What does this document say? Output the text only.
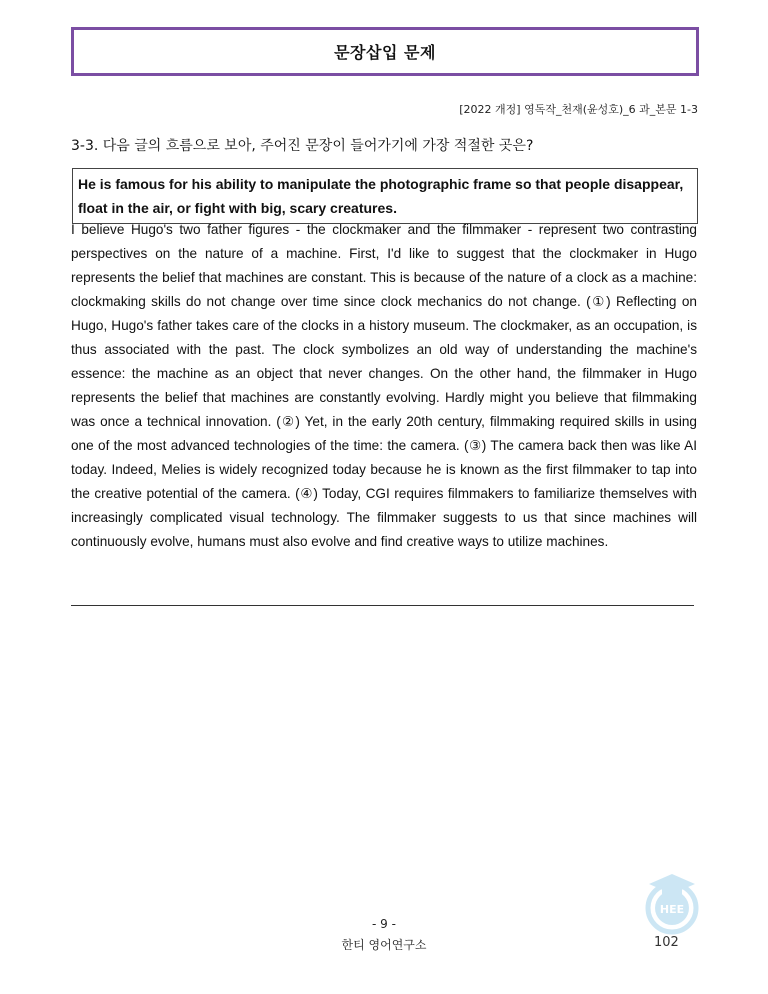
문장삽입 문제
[2022 개정] 영독작_천재(윤성호)_6 과_본문 1-3
3-3. 다음 글의 흐름으로 보아, 주어진 문장이 들어가기에 가장 적절한 곳은?
He is famous for his ability to manipulate the photographic frame so that people disappear, float in the air, or fight with big, scary creatures.
I believe Hugo's two father figures - the clockmaker and the filmmaker - represent two contrasting perspectives on the nature of a machine. First, I'd like to suggest that the clockmaker in Hugo represents the belief that machines are constant. This is because of the nature of a clock as a machine: clockmaking skills do not change over time since clock mechanics do not change. (①) Reflecting on Hugo, Hugo's father takes care of the clocks in a history museum. The clockmaker, as an occupation, is thus associated with the past. The clock symbolizes an old way of understanding the machine's essence: the machine as an object that never changes. On the other hand, the filmmaker in Hugo represents the belief that machines are constantly evolving. Hardly might you believe that filmmaking was once a technical innovation. (②) Yet, in the early 20th century, filmmaking required skills in using one of the most advanced technologies of the time: the camera. (③) The camera back then was like AI today. Indeed, Melies is widely recognized today because he is known as the first filmmaker to tap into the creative potential of the camera. (④) Today, CGI requires filmmakers to familiarize themselves with increasingly complicated visual technology. The filmmaker suggests to us that since machines will continuously evolve, humans must also evolve and find creative ways to utilize machines.
HEE
- 9 -
한티 영어연구소	102
